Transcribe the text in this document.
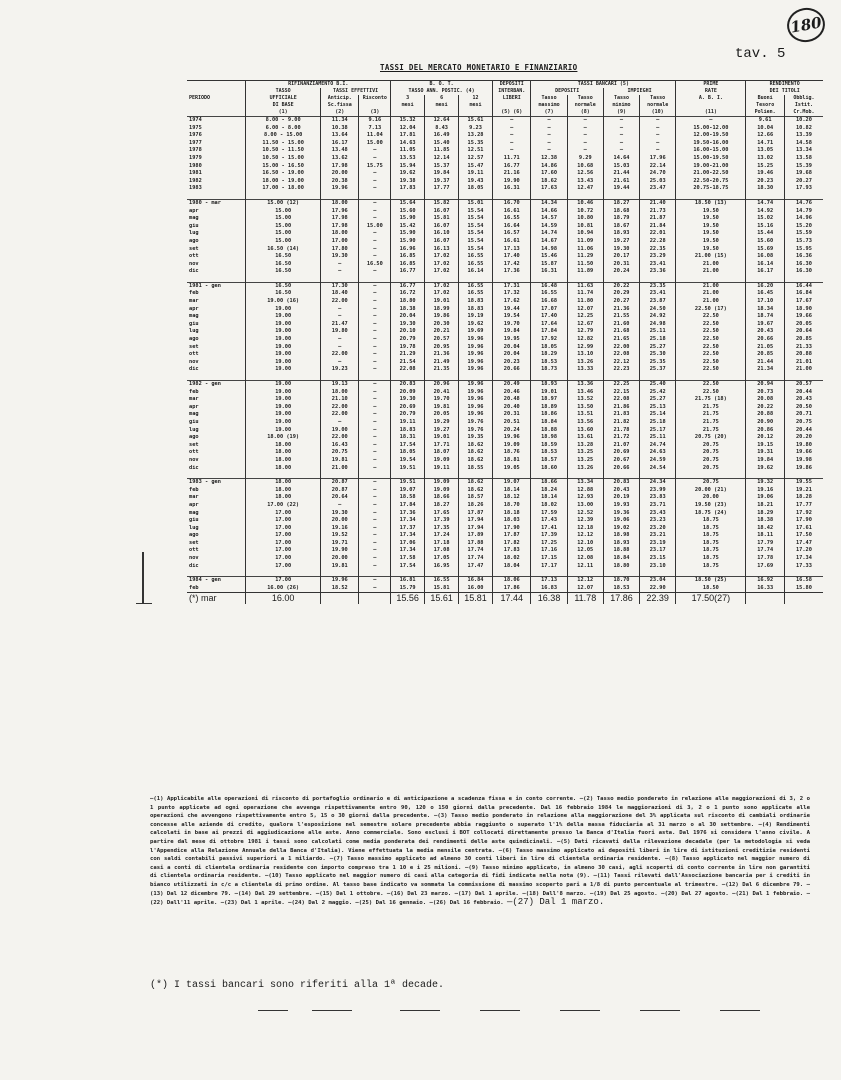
180
tav. 5
TASSI DEL MERCATO MONETARIO E FINANZIARIO
	RIFINANZIAMENTO B.I.			B. O. T.			DEPOSITI	TASSI BANCARI (5)				PRIME	RENDIMENTO	
	TASSO	TASSI EFFETTIVI		TASSO ANN. POSTIC. (4)			INTERBAN.	DEPOSITI		IMPIEGHI		RATE	DEI TITOLI	
PERIODO	UFFICIALE	Anticip.	Risconto	3	6	12	LIBERI	Tasso	Tasso	Tasso	Tasso	A. B. I.	Buoni	Obblig.
	DI BASE	Sc.fissa		mesi	mesi	mesi		massimo	normale	minimo	normale		Tesoro	Istit.
	(1)	(2)	(3)				(5) (6)	(7)	(8)	(9)	(10)	(11)	Polien.	Cr.Mob.
1974	8.00 - 9.00	11.34	9.16	15.32	12.64	15.61	—	—	—	—	—	—	9.61	10.20
1975	6.00 - 8.00	10.38	7.13	12.04	8.43	9.23	—	—	—	—	—	15.00-12.00	10.04	10.82
1976	8.00 - 15.00	13.64	11.04	17.81	16.49	13.28	—	—	—	—	—	12.00-19.50	12.66	13.39
1977	11.50 - 15.00	16.17	15.00	14.63	15.40	15.35	—	—	—	—	—	19.50-16.00	14.71	14.58
1978	10.50 - 11.50	13.48	—	11.05	11.85	12.51	—	—	—	—	—	16.00-15.00	13.05	13.34
1979	10.50 - 15.00	13.62	—	13.53	12.14	12.57	11.71	12.38	9.29	14.64	17.96	15.00-19.50	13.02	13.58
1980	15.00 - 16.50	17.98	15.75	15.94	15.37	15.47	16.77	14.86	10.68	15.03	22.14	19.00-21.00	15.25	15.39
1981	16.50 - 19.00	20.00	—	19.62	19.84	19.11	21.16	17.60	12.56	21.44	24.70	21.00-22.50	19.46	19.68
1982	18.00 - 19.00	20.38	—	19.38	19.37	19.43	19.90	18.62	13.43	21.61	25.03	22.50-20.75	20.23	20.27
1983	17.00 - 18.00	19.96	—	17.83	17.77	18.05	16.31	17.63	12.47	19.44	23.47	20.75-18.75	18.30	17.93

1980 - mar	15.00 (12)	18.00	—	15.64	15.82	15.01	16.70	14.34	10.46	18.27	21.40	18.50 (13)	14.74	14.76
apr	15.00	17.96	—	15.60	16.07	15.54	16.61	14.66	10.72	18.68	21.73	19.50	14.92	14.79
mag	15.00	17.98	—	15.90	15.81	15.54	16.55	14.57	10.80	18.79	21.87	19.50	15.02	14.96
giu	15.00	17.98	15.00	15.42	16.07	15.54	16.64	14.59	10.81	18.67	21.84	19.50	15.16	15.20
lug	15.00	18.00	—	15.90	16.10	15.54	16.57	14.74	10.94	18.93	22.01	19.50	15.44	15.59
ago	15.00	17.00	—	15.90	16.07	15.54	16.61	14.67	11.09	19.27	22.28	19.50	15.60	15.73
set	16.50 (14)	17.80	—	16.96	16.13	15.54	17.13	14.98	11.06	19.30	22.35	19.50	15.69	15.95
ott	16.50	19.30	—	16.85	17.02	16.55	17.40	15.46	11.29	20.17	23.29	21.00 (15)	16.08	16.36
nov	16.50	—	16.50	16.85	17.02	16.55	17.42	15.87	11.50	20.31	23.41	21.00	16.14	16.30
dic	16.50	—	—	16.77	17.02	16.14	17.36	16.31	11.89	20.24	23.36	21.00	16.17	16.30

1981 - gen	16.50	17.30	—	16.77	17.02	16.55	17.31	16.48	11.63	20.22	23.35	21.00	16.20	16.44
feb	16.50	18.40	—	16.72	17.02	16.55	17.32	16.55	11.74	20.29	23.41	21.00	16.45	16.84
mar	19.00 (16)	22.00	—	18.80	19.01	18.83	17.62	16.68	11.80	20.27	23.87	21.00	17.10	17.67
apr	19.00	—	—	18.38	18.99	18.83	19.44	17.07	12.07	21.36	24.50	22.50 (17)	18.34	18.90
mag	19.00	—	—	20.04	19.86	19.19	19.54	17.40	12.25	21.55	24.92	22.50	18.74	19.66
giu	19.00	21.47	—	19.30	20.30	19.62	19.70	17.64	12.67	21.60	24.98	22.50	19.67	20.05
lug	19.00	19.80	—	20.10	20.21	19.69	19.84	17.84	12.79	21.68	25.11	22.50	20.43	20.64
ago	19.00	—	—	20.79	20.57	19.96	19.95	17.92	12.82	21.65	25.18	22.50	20.66	20.85
set	19.00	—	—	19.78	20.95	19.96	20.04	18.05	12.99	22.00	25.27	22.50	21.05	21.33
ott	19.00	22.00	—	21.29	21.36	19.96	20.04	18.29	13.10	22.08	25.30	22.50	20.85	20.88
nov	19.00	—	—	21.54	21.49	19.96	20.23	18.53	13.26	22.12	25.35	22.50	21.44	21.01
dic	19.00	19.23	—	22.08	21.35	19.96	20.66	18.73	13.33	22.23	25.37	22.50	21.34	21.00

1982 - gen	19.00	19.13	—	20.83	20.96	19.96	20.49	18.93	13.36	22.25	25.40	22.50	20.94	20.57
feb	19.00	18.00	—	20.09	20.41	19.96	20.46	19.01	13.46	22.15	25.42	22.50	20.73	20.44
mar	19.00	21.10	—	19.30	19.70	19.96	20.48	18.97	13.52	22.08	25.27	21.75 (18)	20.08	20.43
apr	19.00	22.00	—	20.69	19.81	19.96	20.40	18.89	13.50	21.86	25.13	21.75	20.22	20.50
mag	19.00	22.00	—	20.79	20.05	19.96	20.31	18.86	13.51	21.83	25.14	21.75	20.88	20.71
giu	19.00	—	—	19.11	19.29	19.76	20.51	18.84	13.56	21.82	25.18	21.75	20.90	20.75
lug	19.00	19.00	—	18.83	19.27	19.76	20.24	18.88	13.60	21.78	25.17	21.75	20.86	20.44
ago	18.00 (19)	22.00	—	18.31	19.01	19.35	19.96	18.98	13.61	21.72	25.11	20.75 (20)	20.12	20.20
set	18.00	16.43	—	17.54	17.71	18.62	19.09	18.59	13.28	21.07	24.74	20.75	19.15	19.80
ott	18.00	20.75	—	18.05	18.07	18.62	18.76	18.53	13.25	20.69	24.63	20.75	19.31	19.66
nov	18.00	19.81	—	19.54	19.09	18.62	18.81	18.57	13.25	20.67	24.59	20.75	19.84	19.98
dic	18.00	21.00	—	19.51	19.11	18.55	19.05	18.60	13.26	20.66	24.54	20.75	19.62	19.86

1983 - gen	18.00	20.87	—	19.51	19.09	18.62	19.07	18.66	13.34	20.83	24.34	20.75	19.32	19.55
feb	18.00	20.87	—	19.07	19.09	18.62	18.14	18.24	12.88	20.43	23.99	20.00 (21)	19.16	19.21
mar	18.00	20.64	—	18.58	18.66	18.57	18.12	18.14	12.93	20.19	23.83	20.00	19.06	18.28
apr	17.00 (22)	—	—	17.84	18.27	18.26	18.70	18.02	13.00	19.93	23.71	19.50 (23)	18.21	17.77
mag	17.00	19.30	—	17.36	17.65	17.87	18.18	17.59	12.52	19.36	23.43	18.75 (24)	18.29	17.92
giu	17.00	20.00	—	17.34	17.39	17.94	18.03	17.43	12.39	19.06	23.23	18.75	18.38	17.90
lug	17.00	19.16	—	17.37	17.35	17.94	17.90	17.41	12.18	19.02	23.20	18.75	18.42	17.61
ago	17.00	19.52	—	17.34	17.24	17.89	17.87	17.39	12.12	18.98	23.21	18.75	18.11	17.50
set	17.00	19.71	—	17.06	17.18	17.88	17.82	17.25	12.10	18.93	23.19	18.75	17.79	17.47
ott	17.00	19.90	—	17.34	17.08	17.74	17.83	17.16	12.05	18.88	23.17	18.75	17.74	17.20
nov	17.00	20.00	—	17.58	17.05	17.74	18.02	17.15	12.08	18.84	23.15	18.75	17.78	17.34
dic	17.00	19.81	—	17.54	16.95	17.47	18.04	17.17	12.11	18.80	23.10	18.75	17.69	17.33

1984 - gen	17.00	19.96	—	16.81	16.55	16.84	18.06	17.13	12.12	18.70	23.04	18.50 (25)	16.92	16.58
feb	16.00 (26)	18.52	—	15.79	15.81	16.00	17.86	16.83	12.07	18.53	22.90	18.50	16.33	15.80
(*) mar	16.00			15.56	15.61	15.81	17.44	16.38	11.78	17.86	22.39	17.50(27)		
—(1) Applicabile alle operazioni di risconto di portafoglio ordinario e di anticipazione a scadenza fissa e in conto corrente. —(2) Tasso medio ponderato in relazione alle maggiorazioni di 3, 2 o 1 punto applicate ad ogni operazione che avvenga rispettivamente entro 90, 120 o 150 giorni dalla precedente. Dal 16 febbraio 1984 le maggiorazioni di 3, 2 o 1 punto sono applicate alle operazioni che avvengono rispettivamente entro 5, 15 o 30 giorni dalla precedente. —(3) Tasso medio ponderato in relazione alla maggiorazione del 3% applicata sul risconto di cambiali ordinarie concesse alle aziende di credito, qualora l'esposizione nel semestre solare precedente abbia raggiunto o superato l'1% della massa fiduciaria al 31 marzo o al 30 settembre. —(4) Rendimenti calcolati in base ai prezzi di aggiudicazione alle aste. Anno commerciale. Sono esclusi i BOT collocati direttamente presso la Banca d'Italia fuori asta. Dal 1976 si considera l'anno civile. A partire dal mese di ottobre 1981 i tassi sono calcolati come media ponderata dei rendimenti delle aste quindicinali. —(5) Dati ricavati dalla rilevazione decadale (per la metodologia si veda l'Appendice alla Relazione Annuale della Banca d'Italia). Viene effettuata la media mensile centrata. —(6) Tasso massimo applicato ai depositi liberi in lire di istituzioni creditizie residenti con saldi contabili passivi superiori a 1 miliardo. —(7) Tasso massimo applicato ad almeno 30 conti liberi in lire di clientela ordinaria residente. —(8) Tasso applicato nel maggior numero di casi a conti di clientela ordinaria residente con importo compreso tra 1 10 e i 25 milioni. —(9) Tasso minimo applicato, in almeno 30 casi, agli scoperti di conto corrente in lire non garantiti di clientela ordinaria residente. —(10) Tasso applicato nel maggior numero di casi alla categoria di fidi indicata nella nota (9). —(11) Tassi rilevati dall'Associazione bancaria per i crediti in bianco utilizzati in c/c a clientela di primo ordine. Al tasso base indicato va sommata la commissione di massimo scoperto pari a 1/8 di punto percentuale al trimestre. —(12) Dal 6 dicembre 79. —(13) Dal 12 dicembre 79. —(14) Dal 29 settembre. —(15) Dal 1 ottobre. —(16) Dal 23 marzo. —(17) Dal 1 aprile. —(18) Dall'8 marzo. —(19) Dal 25 agosto. —(20) Dal 27 agosto. —(21) Dal 1 febbraio. —(22) Dall'11 aprile. —(23) Dal 1 aprile. —(24) Dal 2 maggio. —(25) Dal 16 gennaio. —(26) Dal 16 febbraio. —(27) Dal 1 marzo.
(*) I tassi bancari sono riferiti alla 1ª decade.
